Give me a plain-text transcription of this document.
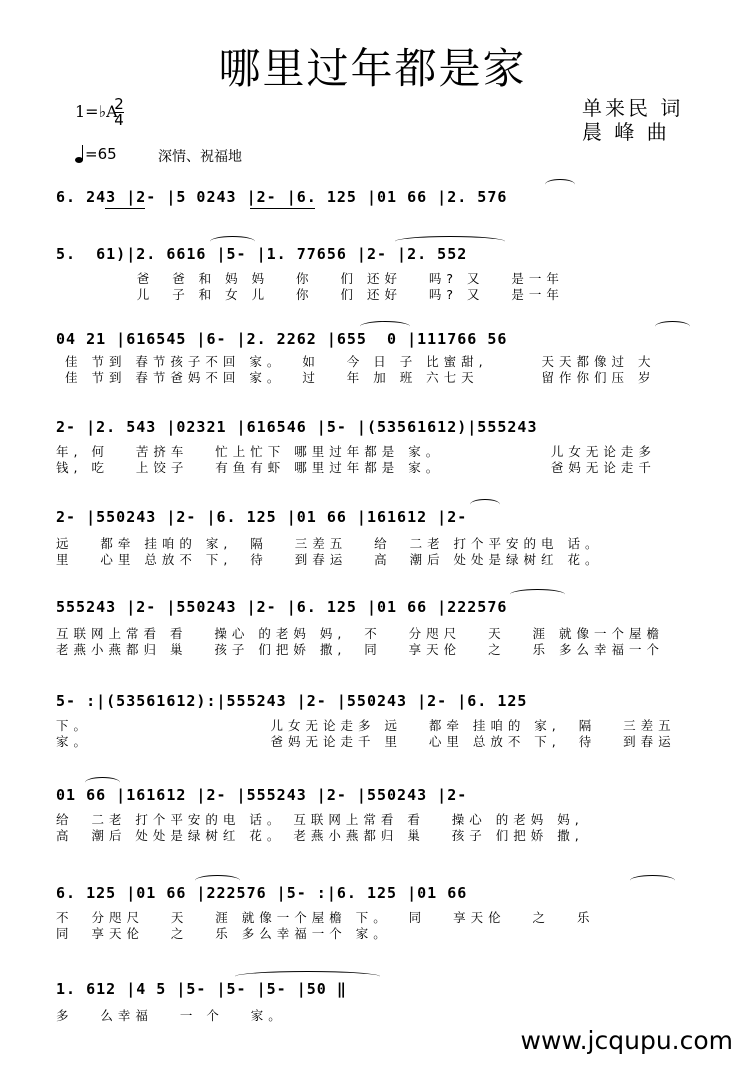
哪里过年都是家
单来民 词
晨 峰 曲
1=♭A
2
4
=65	深情、祝福地
6. 243 |2- |5 0243 |2- |6. 125 |01 66 |2. 576
5.  61)|2. 6616 |5- |1. 77656 |2- |2. 552
爸  爸 和 妈 妈   你   们 还好   吗? 又   是一年
儿  子 和 女 儿   你   们 还好   吗? 又   是一年
04 21 |616545 |6- |2. 2262 |655  0 |111766 56
佳 节到 春节孩子不回 家。  如   今 日 子 比蜜甜,      天天都像过 大
佳 节到 春节爸妈不回 家。  过   年 加 班 六七天       留作你们压 岁
2- |2. 543 |02321 |616546 |5- |(53561612)|555243
年, 何   苦挤车   忙上忙下 哪里过年都是 家。            儿女无论走多
钱, 吃   上饺子   有鱼有虾 哪里过年都是 家。            爸妈无论走千
2- |550243 |2- |6. 125 |01 66 |161612 |2-
远   都牵 挂咱的 家,  隔   三差五   给  二老 打个平安的电 话。
里   心里 总放不 下,  待   到春运   高  潮后 处处是绿树红 花。
555243 |2- |550243 |2- |6. 125 |01 66 |222576
互联网上常看 看   操心 的老妈 妈,  不   分咫尺   天   涯 就像一个屋檐
老燕小燕都归 巢   孩子 们把娇 撒,  同   享天伦   之   乐 多么幸福一个
5- :|(53561612):|555243 |2- |550243 |2- |6. 125
下。                    儿女无论走多 远   都牵 挂咱的 家,  隔   三差五
家。                    爸妈无论走千 里   心里 总放不 下,  待   到春运
01 66 |161612 |2- |555243 |2- |550243 |2-
给  二老 打个平安的电 话。 互联网上常看 看   操心 的老妈 妈,
高  潮后 处处是绿树红 花。 老燕小燕都归 巢   孩子 们把娇 撒,
6. 125 |01 66 |222576 |5- :|6. 125 |01 66
不  分咫尺   天   涯 就像一个屋檐 下。  同   享天伦   之   乐
同  享天伦   之   乐 多么幸福一个 家。
1. 612 |4 5 |5- |5- |5- |50 ‖
多   么幸福   一 个   家。
www.jcqupu.com
